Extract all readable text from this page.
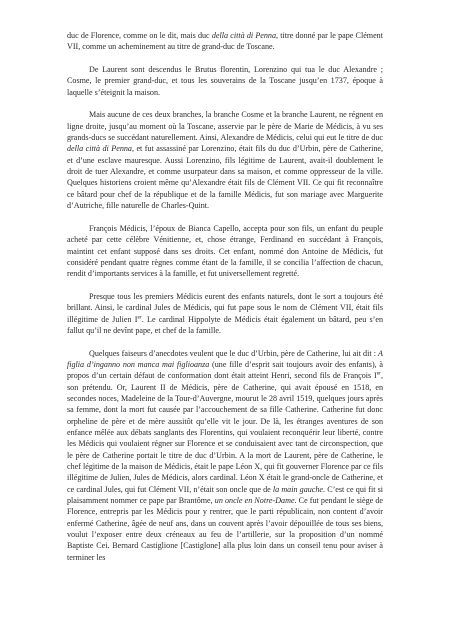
duc de Florence, comme on le dit, mais duc della città di Penna, titre donné par le pape Clément VII, comme un acheminement au titre de grand-duc de Toscane.

De Laurent sont descendus le Brutus florentin, Lorenzino qui tua le duc Alexandre ; Cosme, le premier grand-duc, et tous les souverains de la Toscane jusqu’en 1737, époque à laquelle s’éteignit la maison.

Mais aucune de ces deux branches, la branche Cosme et la branche Laurent, ne régnent en ligne droite, jusqu’au moment où la Toscane, asservie par le père de Marie de Médicis, à vu ses grands-ducs se succédant naturellement. Ainsi, Alexandre de Médicis, celui qui eut le titre de duc della città di Penna, et fut assassiné par Lorenzino, était fils du duc d’Urbin, père de Catherine, et d’une esclave mauresque. Aussi Lorenzino, fils légitime de Laurent, avait-il doublement le droit de tuer Alexandre, et comme usurpateur dans sa maison, et comme oppresseur de la ville. Quelques historiens croient même qu’Alexandre était fils de Clément VII. Ce qui fit reconnaître ce bâtard pour chef de la république et de la famille Médicis, fut son mariage avec Marguerite d’Autriche, fille naturelle de Charles-Quint.

François Médicis, l’époux de Bianca Capello, accepta pour son fils, un enfant du peuple acheté par cette célèbre Vénitienne, et, chose étrange, Ferdinand en succédant à François, maintint cet enfant supposé dans ses droits. Cet enfant, nommé don Antoine de Médicis, fut considéré pendant quatre règnes comme étant de la famille, il se concilia l’affection de chacun, rendit d’importants services à la famille, et fut universellement regretté.

Presque tous les premiers Médicis eurent des enfants naturels, dont le sort a toujours été brillant. Ainsi, le cardinal Jules de Médicis, qui fut pape sous le nom de Clément VII, était fils illégitime de Julien Ier. Le cardinal Hippolyte de Médicis était également un bâtard, peu s’en fallut qu’il ne devînt pape, et chef de la famille.

Quelques faiseurs d’anecdotes veulent que le duc d’Urbin, père de Catherine, lui ait dit : A figlia d’inganno non manca mai figlioanza (une fille d’esprit sait toujours avoir des enfants), à propos d’un certain défaut de conformation dont était atteint Henri, second fils de François Ier, son prétendu. Or, Laurent II de Médicis, père de Catherine, qui avait épousé en 1518, en secondes noces, Madeleine de la Tour-d’Auvergne, mourut le 28 avril 1519, quelques jours après sa femme, dont la mort fut causée par l’accouchement de sa fille Catherine. Catherine fut donc orpheline de père et de mère aussitôt qu’elle vit le jour. De là, les étranges aventures de son enfance mêlée aux débats sanglants des Florentins, qui voulaient reconquérir leur liberté, contre les Médicis qui voulaient régner sur Florence et se conduisaient avec tant de circonspection, que le père de Catherine portait le titre de duc d’Urbin. A la mort de Laurent, père de Catherine, le chef légitime de la maison de Médicis, était le pape Léon X, qui fit gouverner Florence par ce fils illégitime de Julien, Jules de Médicis, alors cardinal. Léon X était le grand-oncle de Catherine, et ce cardinal Jules, qui fut Clément VII, n’était son oncle que de la main gauche. C’est ce qui fit si plaisamment nommer ce pape par Brantôme, un oncle en Notre-Dame. Ce fut pendant le siège de Florence, entrepris par les Médicis pour y rentrer, que le parti républicain, non content d’avoir enfermé Catherine, âgée de neuf ans, dans un couvent après l’avoir dépouillée de tous ses biens, voulut l’exposer entre deux créneaux au feu de l’artillerie, sur la proposition d’un nommé Baptiste Cei. Bernard Castiglione [Castiglone] alla plus loin dans un conseil tenu pour aviser à terminer les
